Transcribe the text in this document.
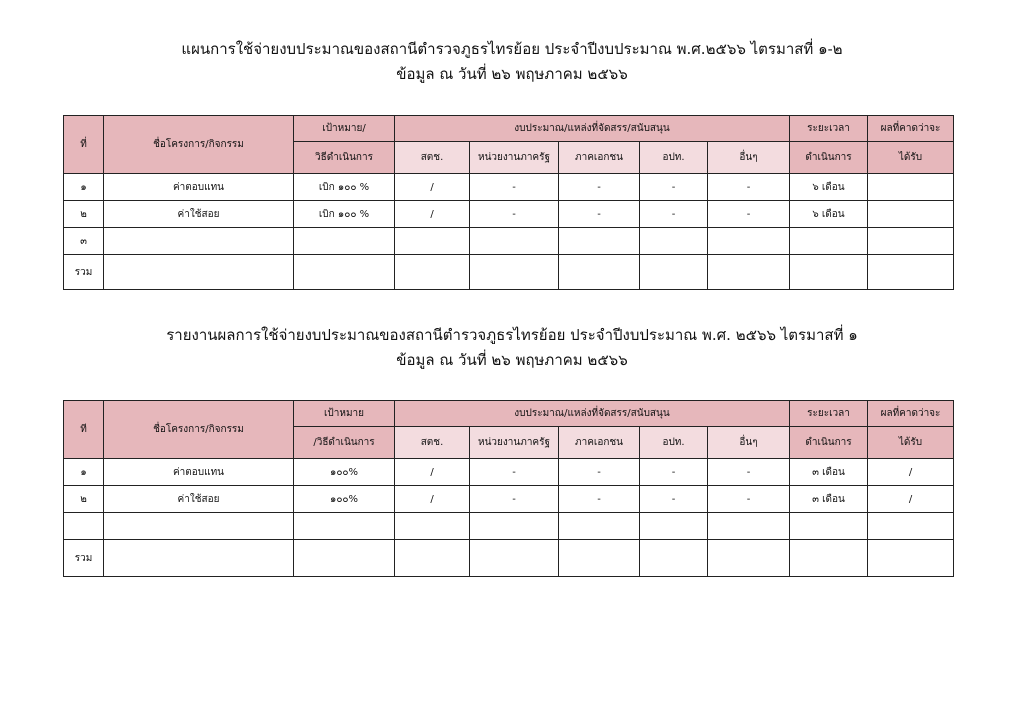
แผนการใช้จ่ายงบประมาณของสถานีตำรวจภูธรไทรย้อย ประจำปีงบประมาณ พ.ศ.๒๕๖๖ ไตรมาสที่ ๑-๒
ข้อมูล ณ วันที่ ๒๖ พฤษภาคม ๒๕๖๖
ที่	ชื่อโครงการ/กิจกรรม	เป้าหมาย/	งบประมาณ/แหล่งที่จัดสรร/สนับสนุน					ระยะเวลา	ผลที่คาดว่าจะ
		วิธีดำเนินการ	สตช.	หน่วยงานภาครัฐ	ภาคเอกชน	อปท.	อื่นๆ	ดำเนินการ	ได้รับ
๑	ค่าตอบแทน	เบิก ๑๐๐ %	/	-	-	-	-	๖ เดือน	
๒	ค่าใช้สอย	เบิก ๑๐๐ %	/	-	-	-	-	๖ เดือน	
๓									
รวม									
รายงานผลการใช้จ่ายงบประมาณของสถานีตำรวจภูธรไทรย้อย ประจำปีงบประมาณ พ.ศ. ๒๕๖๖ ไตรมาสที่ ๑
ข้อมูล ณ วันที่ ๒๖ พฤษภาคม ๒๕๖๖
ที	ชื่อโครงการ/กิจกรรม	เป้าหมาย	งบประมาณ/แหล่งที่จัดสรร/สนับสนุน					ระยะเวลา	ผลที่คาดว่าจะ
		/วิธีดำเนินการ	สตช.	หน่วยงานภาครัฐ	ภาคเอกชน	อปท.	อื่นๆ	ดำเนินการ	ได้รับ
๑	ค่าตอบแทน	๑๐๐%	/	-	-	-	-	๓ เดือน	/
๒	ค่าใช้สอย	๑๐๐%	/	-	-	-	-	๓ เดือน	/

รวม									
